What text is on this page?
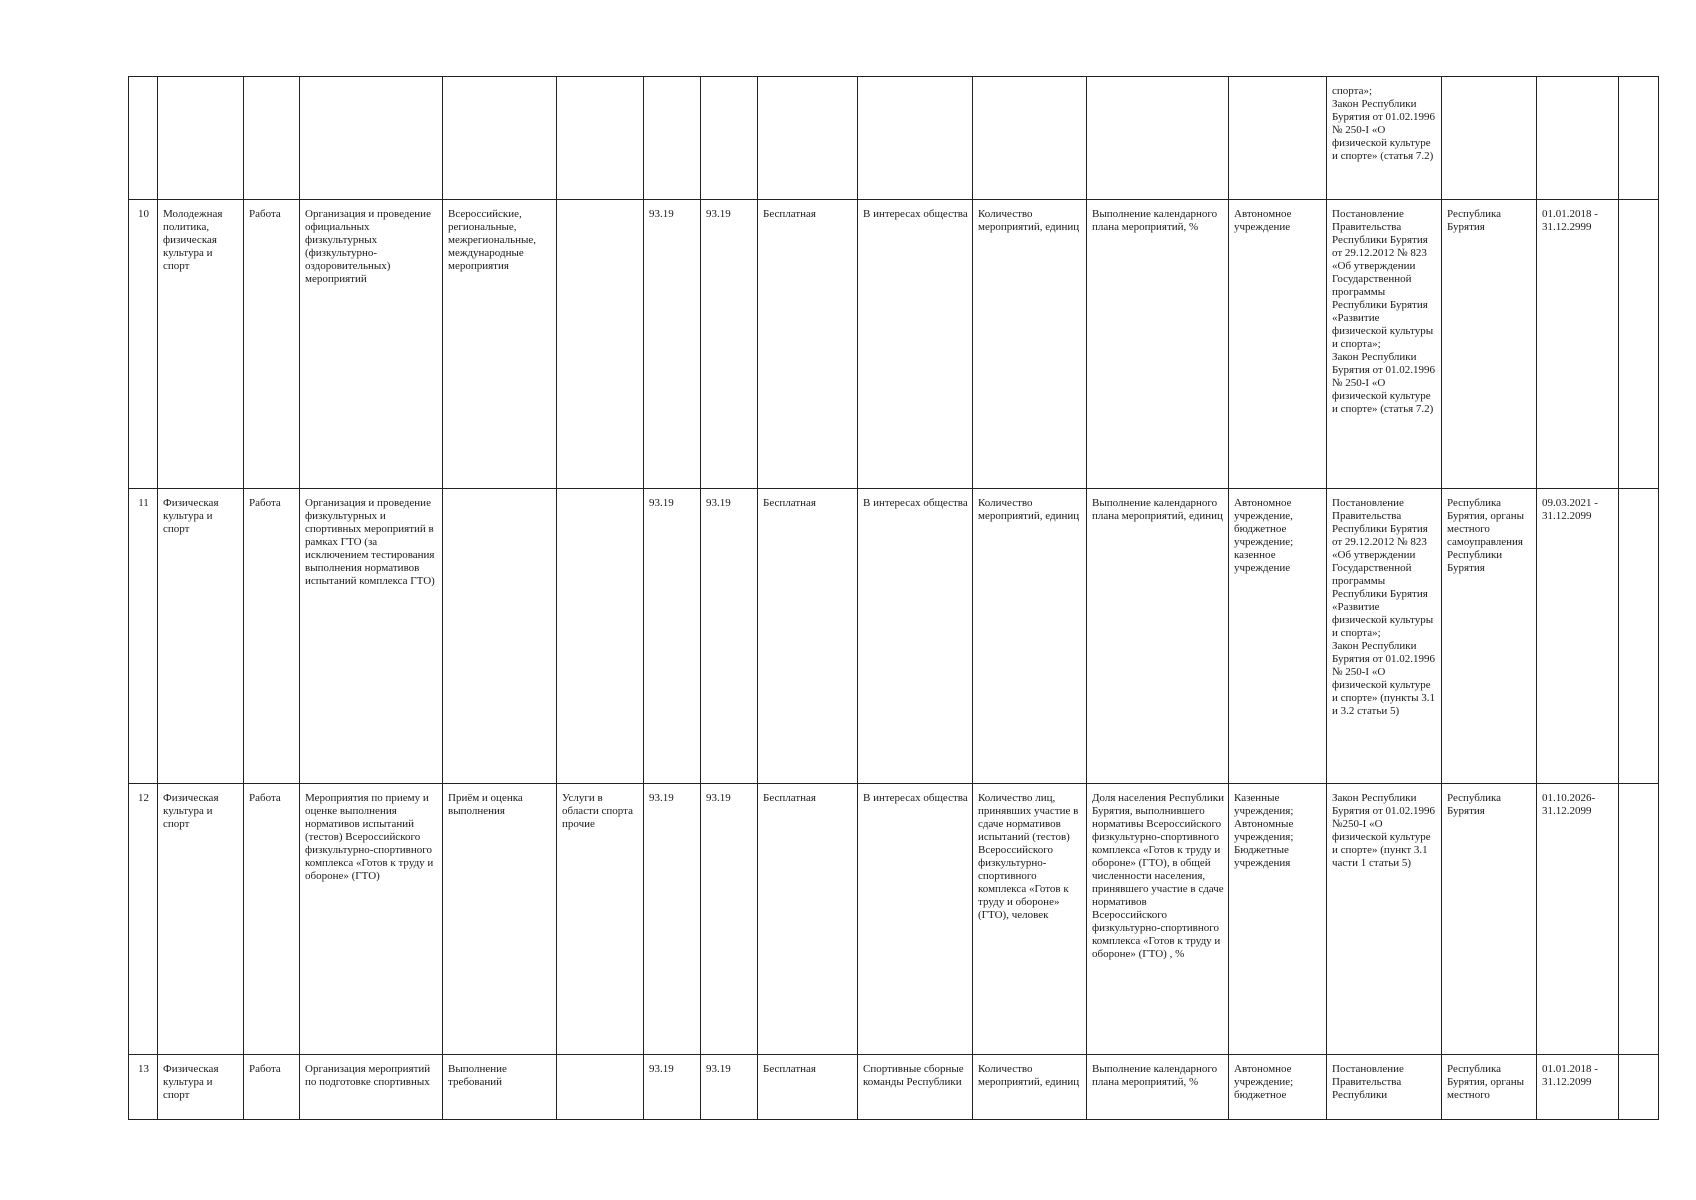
													спорта»;
Закон Республики Бурятия от 01.02.1996 № 250-I «О физической культуре и спорте» (статья 7.2)			
10	Молодежная политика, физическая культура и спорт	Работа	Организация и проведение официальных физкультурных (физкультурно-оздоровительных) мероприятий	Всероссийские, региональные, межрегиональные, международные мероприятия		93.19	93.19	Бесплатная	В интересах общества	Количество мероприятий, единиц	Выполнение календарного плана мероприятий, %	Автономное учреждение	Постановление Правительства Республики Бурятия от 29.12.2012 № 823 «Об утверждении Государственной программы Республики Бурятия «Развитие физической культуры и спорта»;
Закон Республики Бурятия от 01.02.1996 № 250-I «О физической культуре и спорте» (статья 7.2)	Республика Бурятия	01.01.2018 - 31.12.2999	
11	Физическая культура и спорт	Работа	Организация и проведение физкультурных и спортивных мероприятий в рамках ГТО (за исключением тестирования выполнения нормативов испытаний комплекса ГТО)			93.19	93.19	Бесплатная	В интересах общества	Количество мероприятий, единиц	Выполнение календарного плана мероприятий, единиц	Автономное учреждение, бюджетное учреждение; казенное учреждение	Постановление Правительства Республики Бурятия от 29.12.2012 № 823 «Об утверждении Государственной программы Республики Бурятия «Развитие физической культуры и спорта»;
Закон Республики Бурятия от 01.02.1996 № 250-I «О физической культуре и спорте» (пункты 3.1 и 3.2 статьи 5)	Республика Бурятия, органы местного самоуправления Республики Бурятия	09.03.2021 - 31.12.2099	
12	Физическая культура и спорт	Работа	Мероприятия по приему и оценке выполнения нормативов испытаний (тестов) Всероссийского физкультурно-спортивного комплекса «Готов к труду и обороне» (ГТО)	Приём и оценка выполнения	Услуги в области спорта прочие	93.19	93.19	Бесплатная	В интересах общества	Количество лиц, принявших участие в сдаче нормативов испытаний (тестов) Всероссийского физкультурно-спортивного комплекса «Готов к труду и обороне» (ГТО), человек	Доля населения Республики Бурятия, выполнившего нормативы Всероссийского физкультурно-спортивного комплекса «Готов к труду и обороне» (ГТО), в общей численности населения, принявшего участие в сдаче нормативов Всероссийского физкультурно-спортивного комплекса «Готов к труду и обороне» (ГТО) , %	Казенные учреждения; Автономные учреждения; Бюджетные учреждения	Закон Республики Бурятия от 01.02.1996 №250-I «О физической культуре и спорте» (пункт 3.1 части 1 статьи 5)	Республика Бурятия	01.10.2026-31.12.2099	
13	Физическая культура и спорт	Работа	Организация мероприятий по подготовке спортивных	Выполнение требований		93.19	93.19	Бесплатная	Спортивные сборные команды Республики	Количество мероприятий, единиц	Выполнение календарного плана мероприятий, %	Автономное учреждение; бюджетное	Постановление Правительства Республики	Республика Бурятия, органы местного	01.01.2018 - 31.12.2099	
